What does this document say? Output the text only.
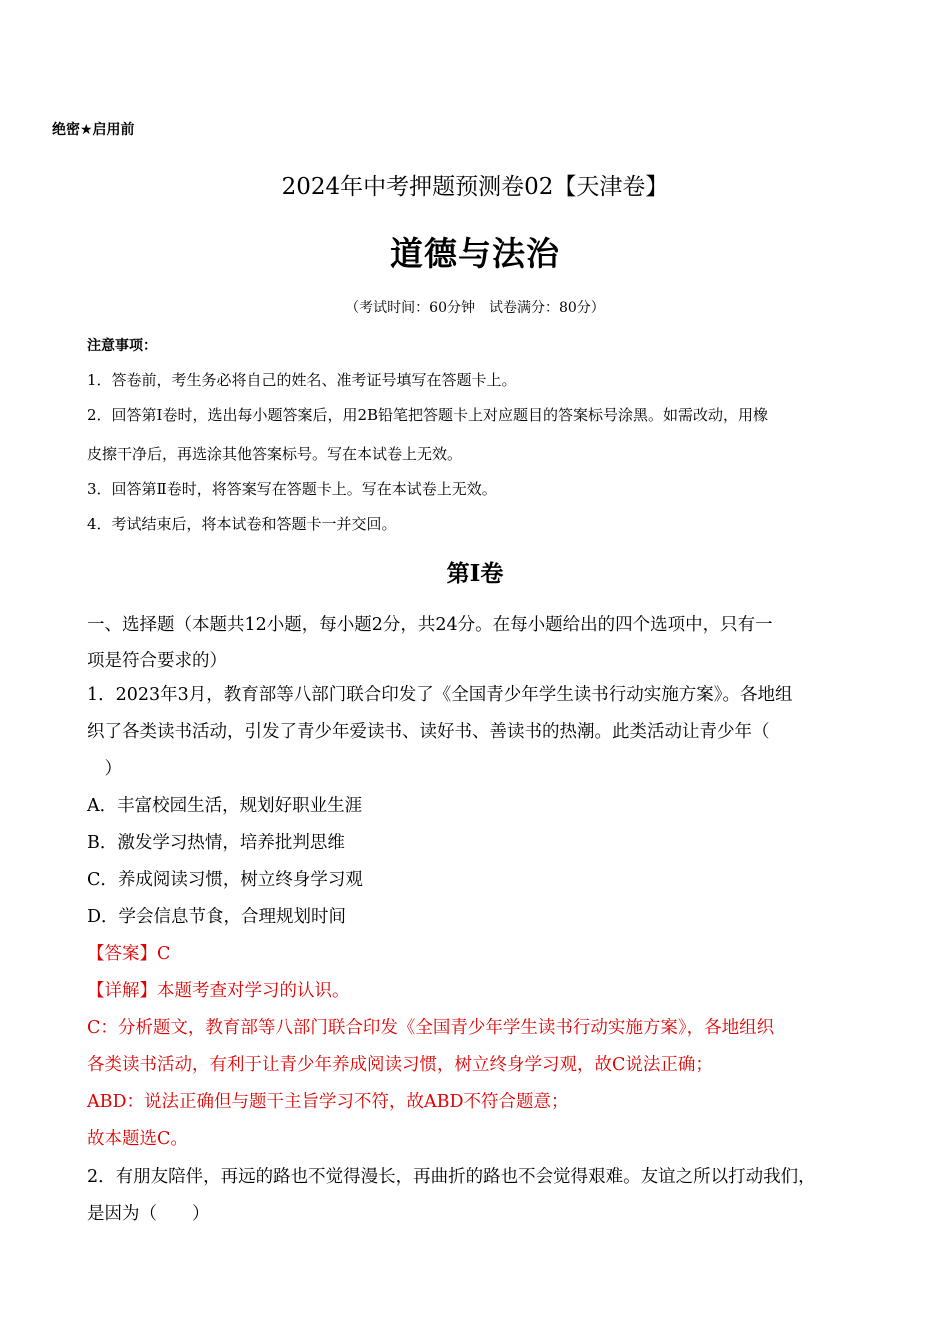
绝密★启用前
2024年中考押题预测卷02【天津卷】
道德与法治
（考试时间：60分钟　试卷满分：80分）
注意事项：
1．答卷前，考生务必将自己的姓名、准考证号填写在答题卡上。
2．回答第Ⅰ卷时，选出每小题答案后，用2B铅笔把答题卡上对应题目的答案标号涂黑。如需改动，用橡
皮擦干净后，再选涂其他答案标号。写在本试卷上无效。
3．回答第Ⅱ卷时，将答案写在答题卡上。写在本试卷上无效。
4．考试结束后，将本试卷和答题卡一并交回。
第Ⅰ卷
一、选择题（本题共12小题，每小题2分，共24分。在每小题给出的四个选项中，只有一
项是符合要求的）
1．2023年3月，教育部等八部门联合印发了《全国青少年学生读书行动实施方案》。各地组
织了各类读书活动，引发了青少年爱读书、读好书、善读书的热潮。此类活动让青少年（
　）
A．丰富校园生活，规划好职业生涯
B．激发学习热情，培养批判思维
C．养成阅读习惯，树立终身学习观
D．学会信息节食，合理规划时间
【答案】C
【详解】本题考查对学习的认识。
C：分析题文，教育部等八部门联合印发《全国青少年学生读书行动实施方案》，各地组织
各类读书活动，有利于让青少年养成阅读习惯，树立终身学习观，故C说法正确；
ABD：说法正确但与题干主旨学习不符，故ABD不符合题意；
故本题选C。
2．有朋友陪伴，再远的路也不觉得漫长，再曲折的路也不会觉得艰难。友谊之所以打动我们，
是因为（　　）
